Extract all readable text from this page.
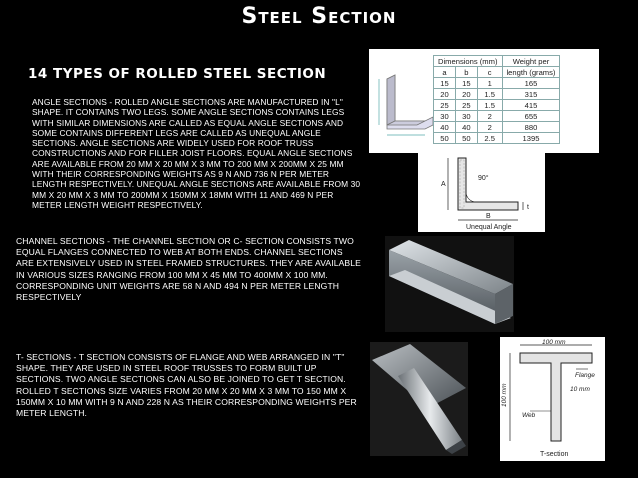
Steel Section
14 TYPES OF ROLLED STEEL SECTION
ANGLE SECTIONS - ROLLED ANGLE SECTIONS ARE MANUFACTURED IN "L" SHAPE. IT CONTAINS TWO LEGS. SOME ANGLE SECTIONS CONTAINS LEGS WITH SIMILAR DIMENSIONS ARE CALLED AS EQUAL ANGLE SECTIONS AND SOME CONTAINS DIFFERENT LEGS ARE CALLED AS UNEQUAL ANGLE SECTIONS. ANGLE SECTIONS ARE WIDELY USED FOR ROOF TRUSS CONSTRUCTIONS AND FOR FILLER JOIST FLOORS. EQUAL ANGLE SECTIONS ARE AVAILABLE FROM 20 MM X 20 MM X 3 MM TO 200 MM X 200MM X 25 MM WITH THEIR CORRESPONDING WEIGHTS AS 9 N AND 736 N PER METER LENGTH RESPECTIVELY. UNEQUAL ANGLE SECTIONS ARE AVAILABLE FROM 30 MM X 20 MM X 3 MM TO 200MM X 150MM X 18MM WITH 11 AND 469 N PER METER LENGTH WEIGHT RESPECTIVELY.
CHANNEL SECTIONS - THE CHANNEL SECTION OR C- SECTION CONSISTS TWO EQUAL FLANGES CONNECTED TO WEB AT BOTH ENDS. CHANNEL SECTIONS ARE EXTENSIVELY USED IN STEEL FRAMED STRUCTURES. THEY ARE AVAILABLE IN VARIOUS SIZES RANGING FROM 100 MM X 45 MM TO 400MM X 100 MM. CORRESPONDING UNIT WEIGHTS ARE 58 N AND 494 N PER METER LENGTH RESPECTIVELY
T- SECTIONS - T SECTION CONSISTS OF FLANGE AND WEB ARRANGED IN "T" SHAPE. THEY ARE USED IN STEEL ROOF TRUSSES TO FORM BUILT UP SECTIONS. TWO ANGLE SECTIONS CAN ALSO BE JOINED TO GET T SECTION. ROLLED T SECTIONS SIZE VARIES FROM 20 MM X 20 MM X 3 MM TO 150 MM X 150MM X 10 MM WITH 9 N AND 228 N AS THEIR CORRESPONDING WEIGHTS PER METER LENGTH.
Dimensions (mm)			Weight per
a	b	c	length (grams)
15	15	1	165
20	20	1.5	315
25	25	1.5	415
30	30	2	655
40	40	2	880
50	50	2.5	1395
90°
A
B
t
Unequal Angle
100 mm
100 mm
Flange
10 mm
Web
T-section
